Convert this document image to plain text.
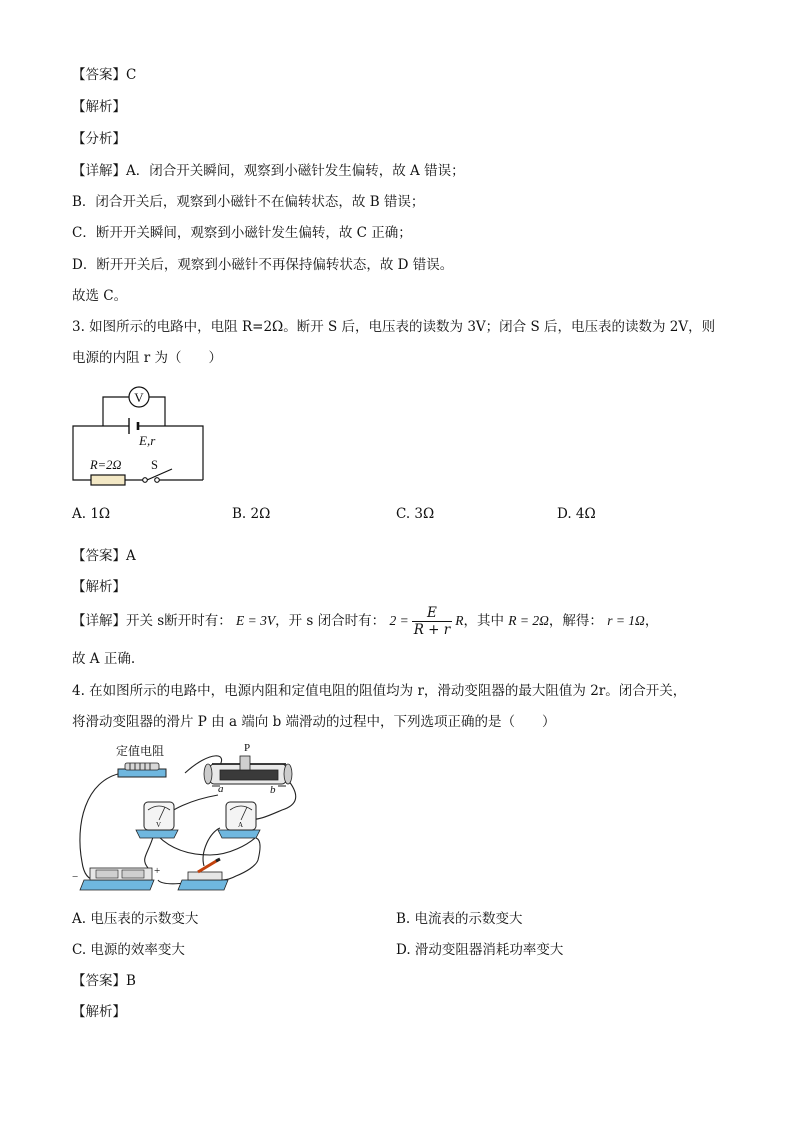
【答案】C
【解析】
【分析】
【详解】A．闭合开关瞬间，观察到小磁针发生偏转，故 A 错误；
B．闭合开关后，观察到小磁针不在偏转状态，故 B 错误；
C．断开开关瞬间，观察到小磁针发生偏转，故 C 正确；
D．断开开关后，观察到小磁针不再保持偏转状态，故 D 错误。
故选 C。
3. 如图所示的电路中，电阻 R=2Ω。断开 S 后，电压表的读数为 3V；闭合 S 后，电压表的读数为 2V，则
电源的内阻 r 为（　　）
V
E,r
R=2Ω S
A. 1Ω	B. 2Ω	C. 3Ω	D. 4Ω
【答案】A
【解析】
【详解】开关 s断开时有： E = 3V，开 s 闭合时有： $2 = \frac{E}{R + r}$ R，其中 R = 2Ω，解得： r = 1Ω，
故 A 正确.
4. 在如图所示的电路中，电源内阻和定值电阻的阻值均为 r，滑动变阻器的最大阻值为 2r。闭合开关，
将滑动变阻器的滑片 P 由 a 端向 b 端滑动的过程中，下列选项正确的是（　　）
定值电阻	P
a	b
V	A
−	+
A. 电压表的示数变大	B. 电流表的示数变大
C. 电源的效率变大	D. 滑动变阻器消耗功率变大
【答案】B
【解析】
